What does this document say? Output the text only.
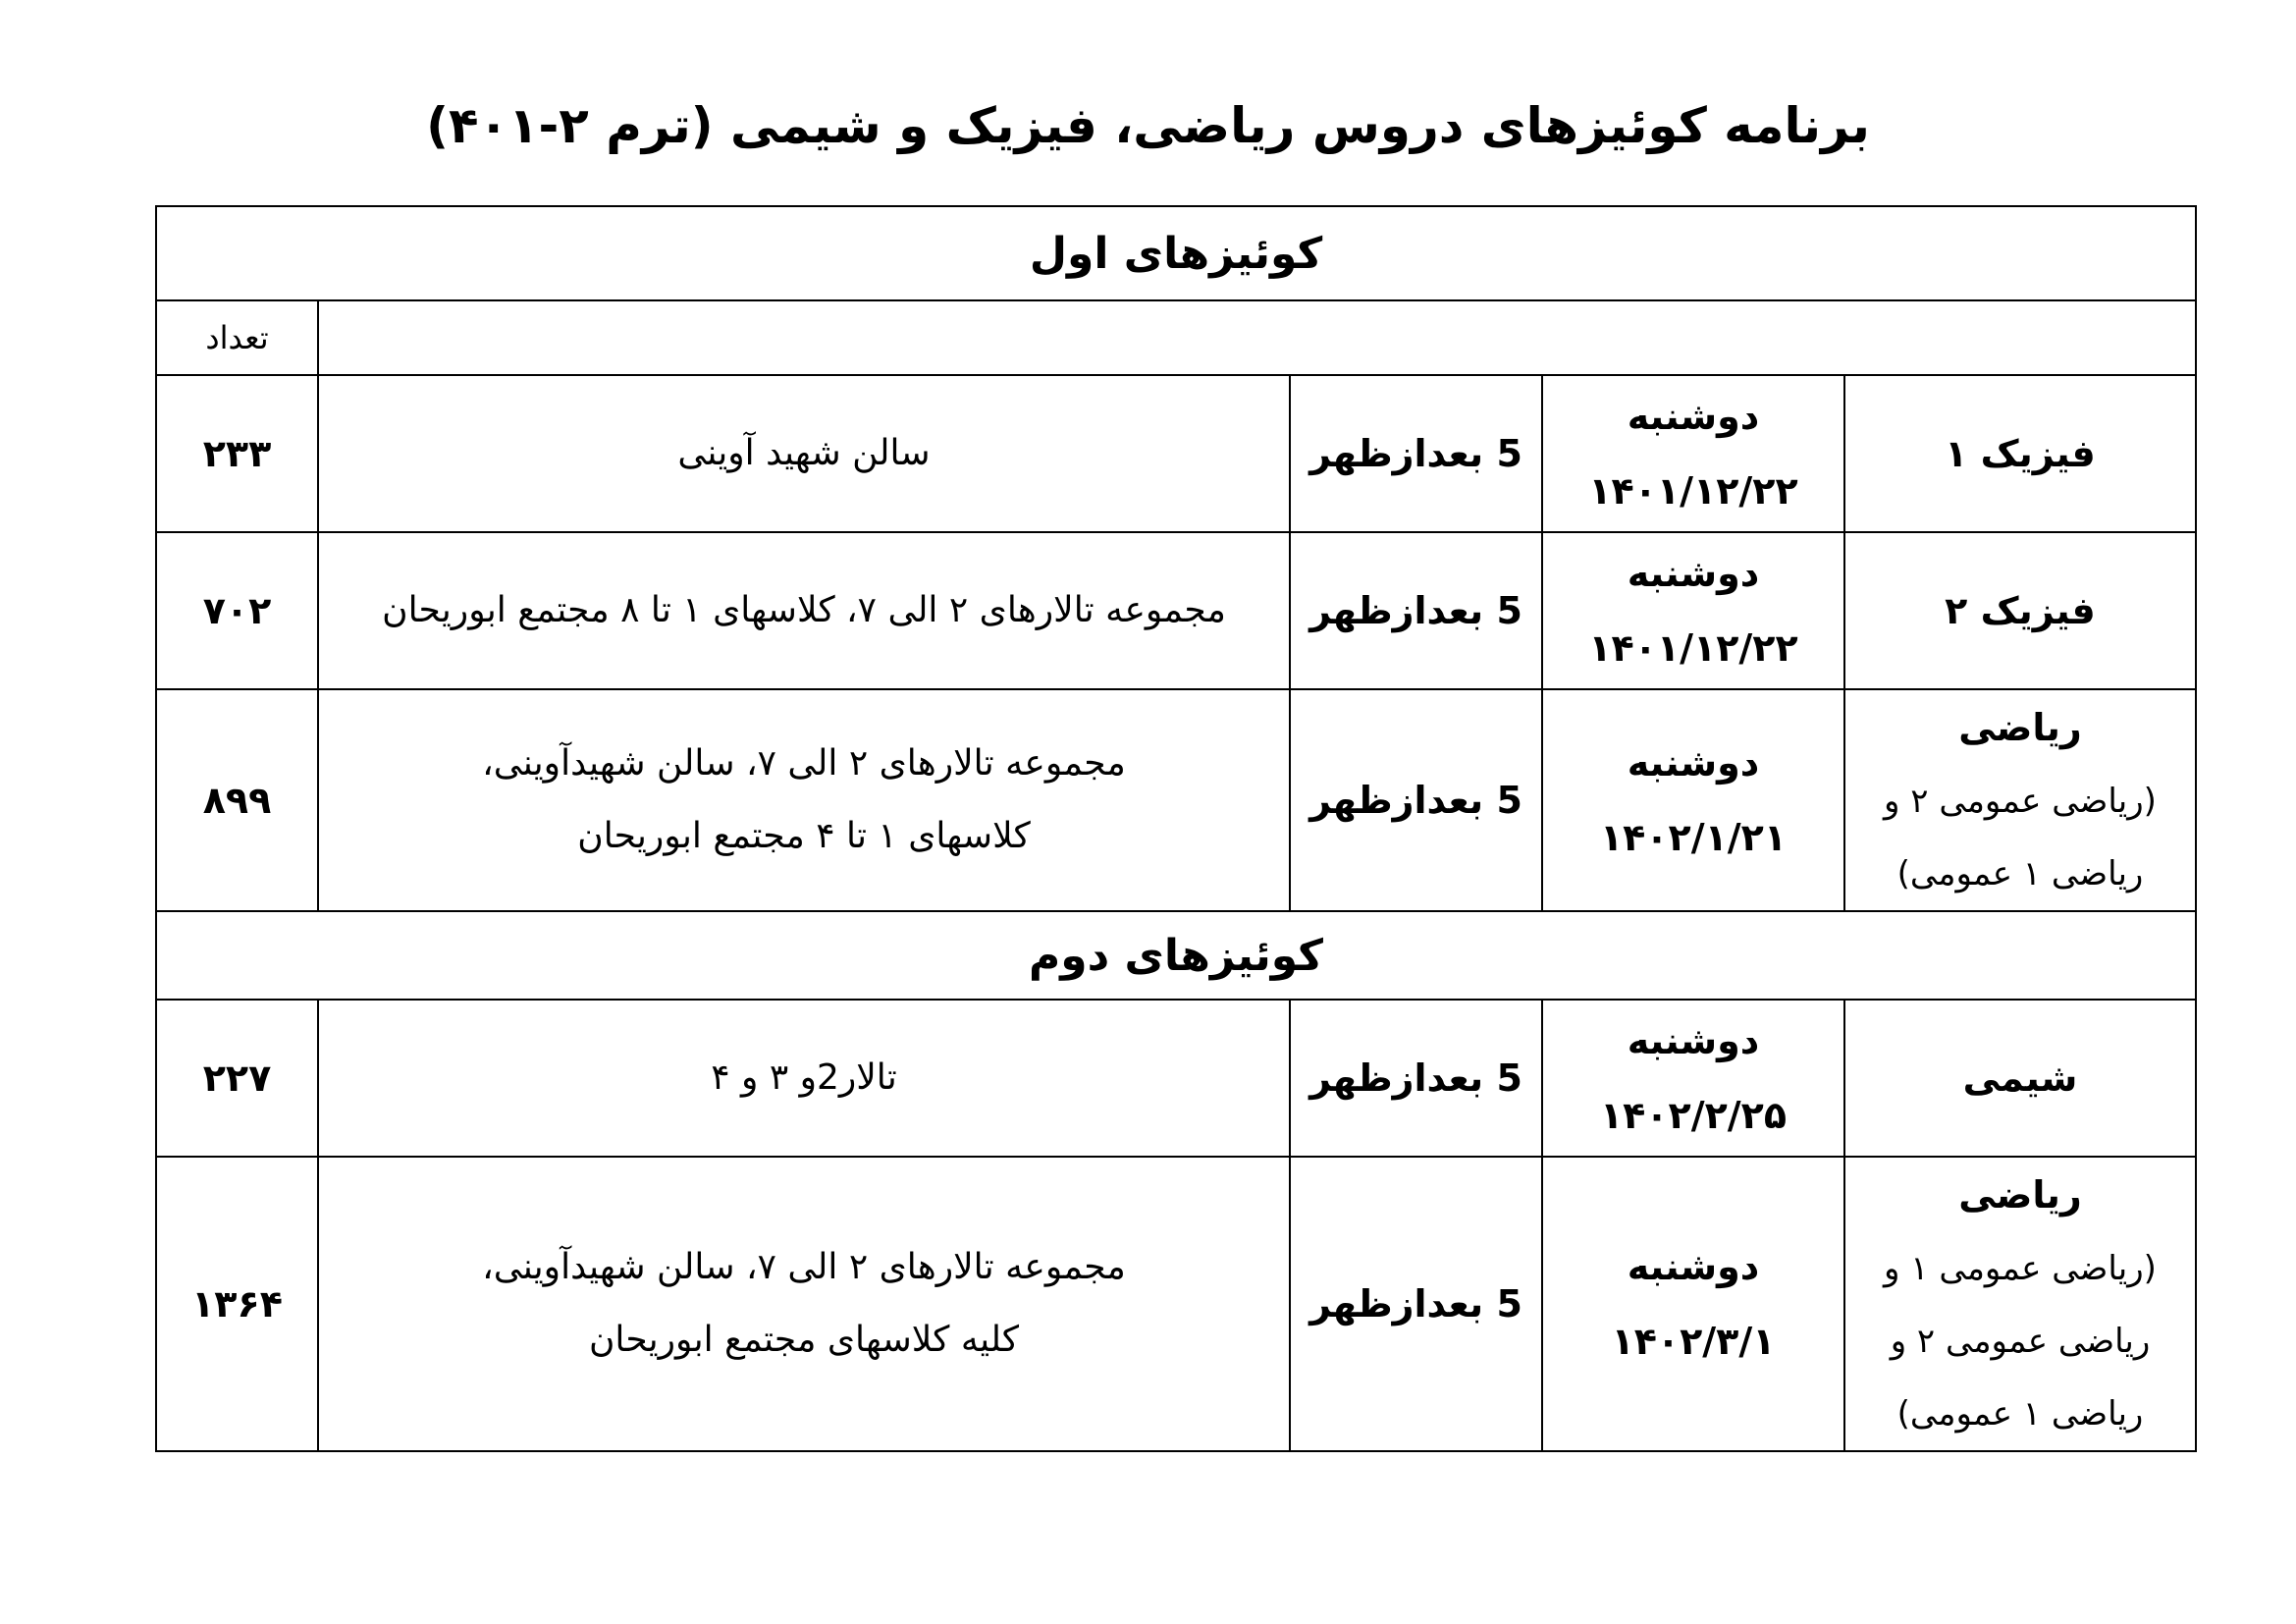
برنامه کوئیزهای دروس ریاضی، فیزیک و شیمی (ترم ۲-۴۰۱)
کوئیزهای اول				
				تعداد

فیزیک ۱	دوشنبه
۱۴۰۱/۱۲/۲۲	5 بعدازظهر	سالن شهید آوینی	۲۳۳

فیزیک ۲	دوشنبه
۱۴۰۱/۱۲/۲۲	5 بعدازظهر	مجموعه تالارهای ۲ الی ۷، کلاسهای ۱ تا ۸ مجتمع ابوریحان	۷۰۲

ریاضی
(ریاضی عمومی ۲ و
ریاضی ۱ عمومی)	دوشنبه
۱۴۰۲/۱/۲۱	5 بعدازظهر	مجموعه تالارهای ۲ الی ۷، سالن شهیدآوینی،
کلاسهای ۱ تا ۴ مجتمع ابوریحان	۸۹۹
کوئیزهای دوم				

شیمی	دوشنبه
۱۴۰۲/۲/۲۵	5 بعدازظهر	تالار2و ۳ و ۴	۲۲۷

ریاضی
(ریاضی عمومی ۱ و
ریاضی عمومی ۲ و
ریاضی ۱ عمومی)	دوشنبه
۱۴۰۲/۳/۱	5 بعدازظهر	مجموعه تالارهای ۲ الی ۷، سالن شهیدآوینی،
کلیه کلاسهای مجتمع ابوریحان	۱۳۶۴
